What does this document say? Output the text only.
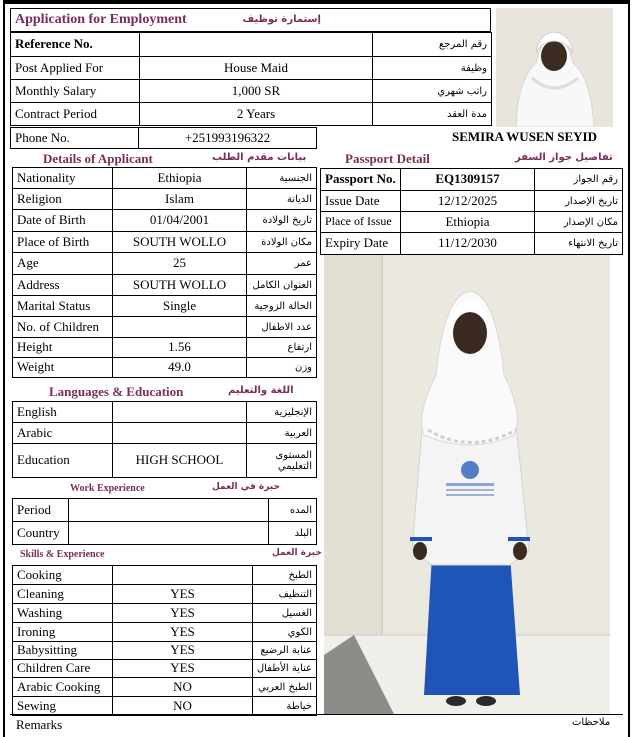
Application for Employment	إستمارة توظيف
Reference No.		رقم المرجع
Post Applied For	House Maid	وظيفة
Monthly Salary	1,000 SR	راتب شهري
Contract Period	2 Years	مدة العقد
Phone No.	+251993196322	SEMIRA WUSEN SEYID
Details of Applicant	بيانات مقدم الطلب
Nationality	Ethiopia	الجنسية
Religion	Islam	الديانة
Date of Birth	01/04/2001	تاريخ الولادة
Place of Birth	SOUTH WOLLO	مكان الولادة
Age	25	عمر
Address	SOUTH WOLLO	العنوان الكامل
Marital Status	Single	الحالة الزوجية
No. of Children		عدد الاطفال
Height	1.56	ارتفاع
Weight	49.0	وزن
Languages & Education	اللغة والتعليم
English		الإنجليزية
Arabic		العربية
Education	HIGH SCHOOL	المستوى التعليمي
Work Experience	خبرة في العمل
Period		المده
Country		البلد
Skills & Experience	خبرة العمل
Cooking		الطبخ
Cleaning	YES	التنظيف
Washing	YES	الغسيل
Ironing	YES	الكوي
Babysitting	YES	عناية الرضيع
Children Care	YES	عناية الأطفال
Arabic Cooking	NO	الطبخ العربي
Sewing	NO	خياطة
Passport Detail	تفاصيل جواز السفر
Passport No.	EQ1309157	رقم الجواز
Issue Date	12/12/2025	تاريخ الإصدار
Place of Issue	Ethiopia	مكان الإصدار
Expiry Date	11/12/2030	تاريخ الانتهاء
Remarks	ملاحظات
